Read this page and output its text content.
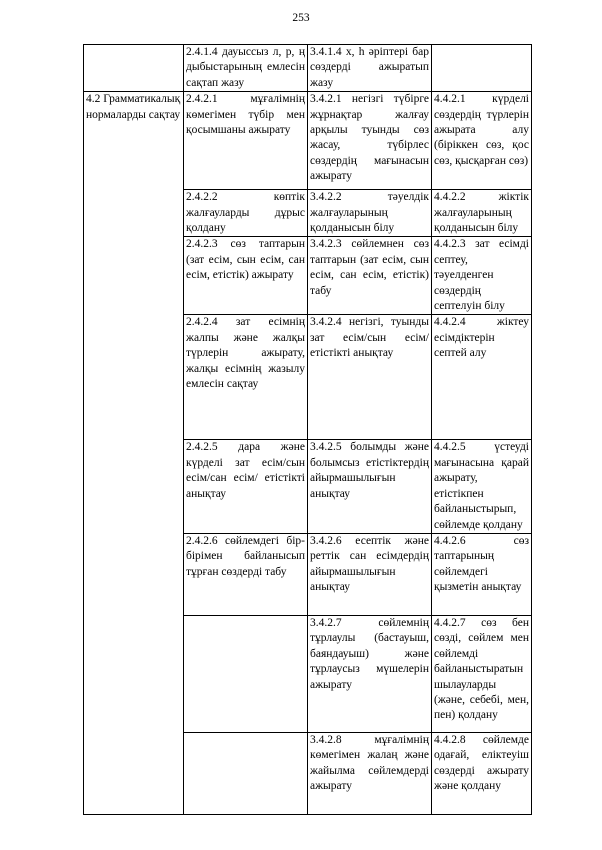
253
	2.4.1.4 дауыссыз л, р, ң дыбыстарының емлесін сақтап жазу	3.4.1.4 х, һ әріптері бар сөздерді ажыратып жазу	
4.2 Грамматикалық нормаларды сақтау	2.4.2.1 мұғалімнің көмегімен түбір мен қосымшаны ажырату	3.4.2.1 негізгі түбірге жұрнақтар жалғау арқылы туынды сөз жасау, түбірлес сөздердің мағынасын ажырату	4.4.2.1 күрделі сөздердің түрлерін ажырата алу (біріккен сөз, қос сөз, қысқарған сөз)
	2.4.2.2 көптік жалғауларды дұрыс қолдану	3.4.2.2 тәуелдік жалғауларының қолданысын білу	4.4.2.2 жіктік жалғауларының қолданысын білу
	2.4.2.3 сөз таптарын (зат есім, сын есім, сан есім, етістік) ажырату	3.4.2.3 сөйлемнен сөз таптарын (зат есім, сын есім, сан есім, етістік) табу	4.4.2.3 зат есімді септеу, тәуелденген сөздердің септелуін білу
	2.4.2.4 зат есімнің жалпы және жалқы түрлерін ажырату, жалқы есімнің жазылу емлесін сақтау	3.4.2.4 негізгі, туынды зат есім/сын есім/етістікті анықтау	4.4.2.4 жіктеу есімдіктерін септей алу
	2.4.2.5 дара және күрделі зат есім/сын есім/сан есім/ етістікті анықтау	3.4.2.5 болымды және болымсыз етістіктердің айырмашылығын анықтау	4.4.2.5 үстеуді мағынасына қарай ажырату, етістікпен байланыстырып, сөйлемде қолдану
	2.4.2.6 сөйлемдегі бір-бірімен байланысып тұрған сөздерді табу	3.4.2.6 есептік және реттік сан есімдердің айырмашылығын анықтау	4.4.2.6 сөз таптарының сөйлемдегі қызметін анықтау
		3.4.2.7 сөйлемнің тұрлаулы (бастауыш, баяндауыш) және тұрлаусыз мүшелерін ажырату	4.4.2.7 сөз бен сөзді, сөйлем мен сөйлемді байланыстыратын шылауларды (және, себебі, мен, пен) қолдану
		3.4.2.8 мұғалімнің көмегімен жалаң және жайылма сөйлемдерді ажырату	4.4.2.8 сөйлемде одағай, еліктеуіш сөздерді ажырату және қолдану
